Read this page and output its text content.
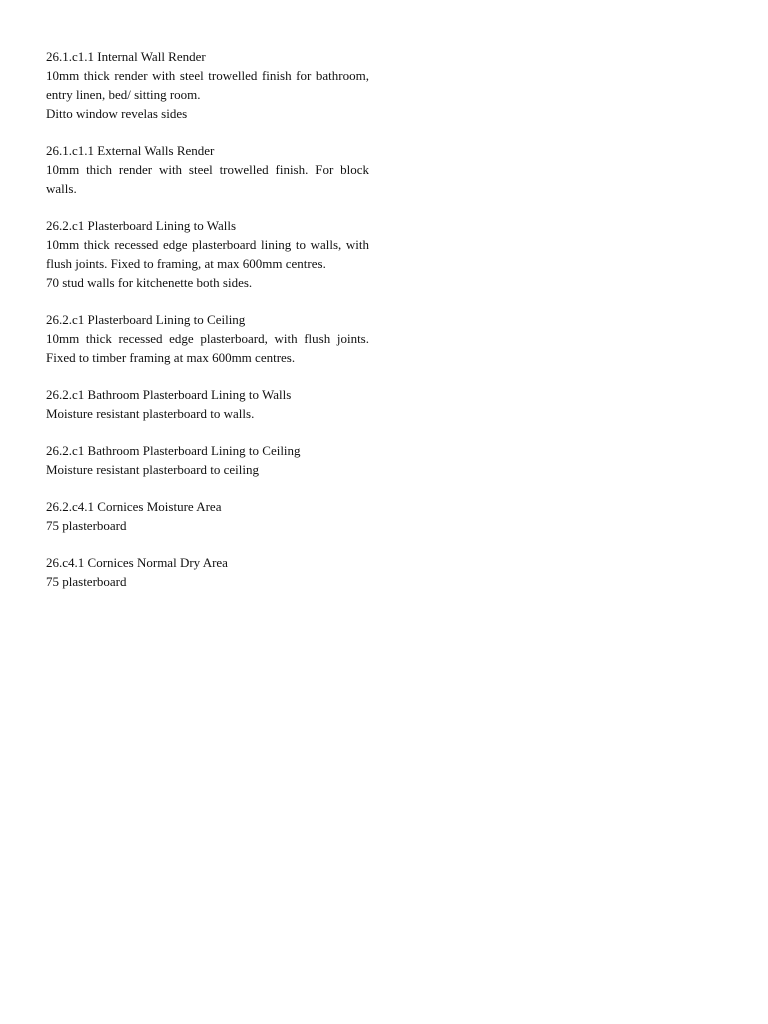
26.1.c1.1 Internal Wall Render

10mm thick render with steel trowelled finish for bathroom, entry linen, bed/ sitting room.

Ditto window revelas sides

26.1.c1.1 External Walls Render

10mm thich render with steel trowelled finish. For block walls.

26.2.c1 Plasterboard Lining to Walls

10mm thick recessed edge plasterboard lining to walls, with flush joints. Fixed to framing, at max 600mm centres.

70 stud walls for kitchenette both sides.

26.2.c1 Plasterboard Lining to Ceiling

10mm thick recessed edge plasterboard, with flush joints. Fixed to timber framing at max 600mm centres.

26.2.c1 Bathroom Plasterboard Lining to Walls

Moisture resistant plasterboard to walls.

26.2.c1 Bathroom Plasterboard Lining to Ceiling

Moisture resistant plasterboard to ceiling

26.2.c4.1 Cornices Moisture Area

75 plasterboard

26.c4.1 Cornices Normal Dry Area

75 plasterboard
